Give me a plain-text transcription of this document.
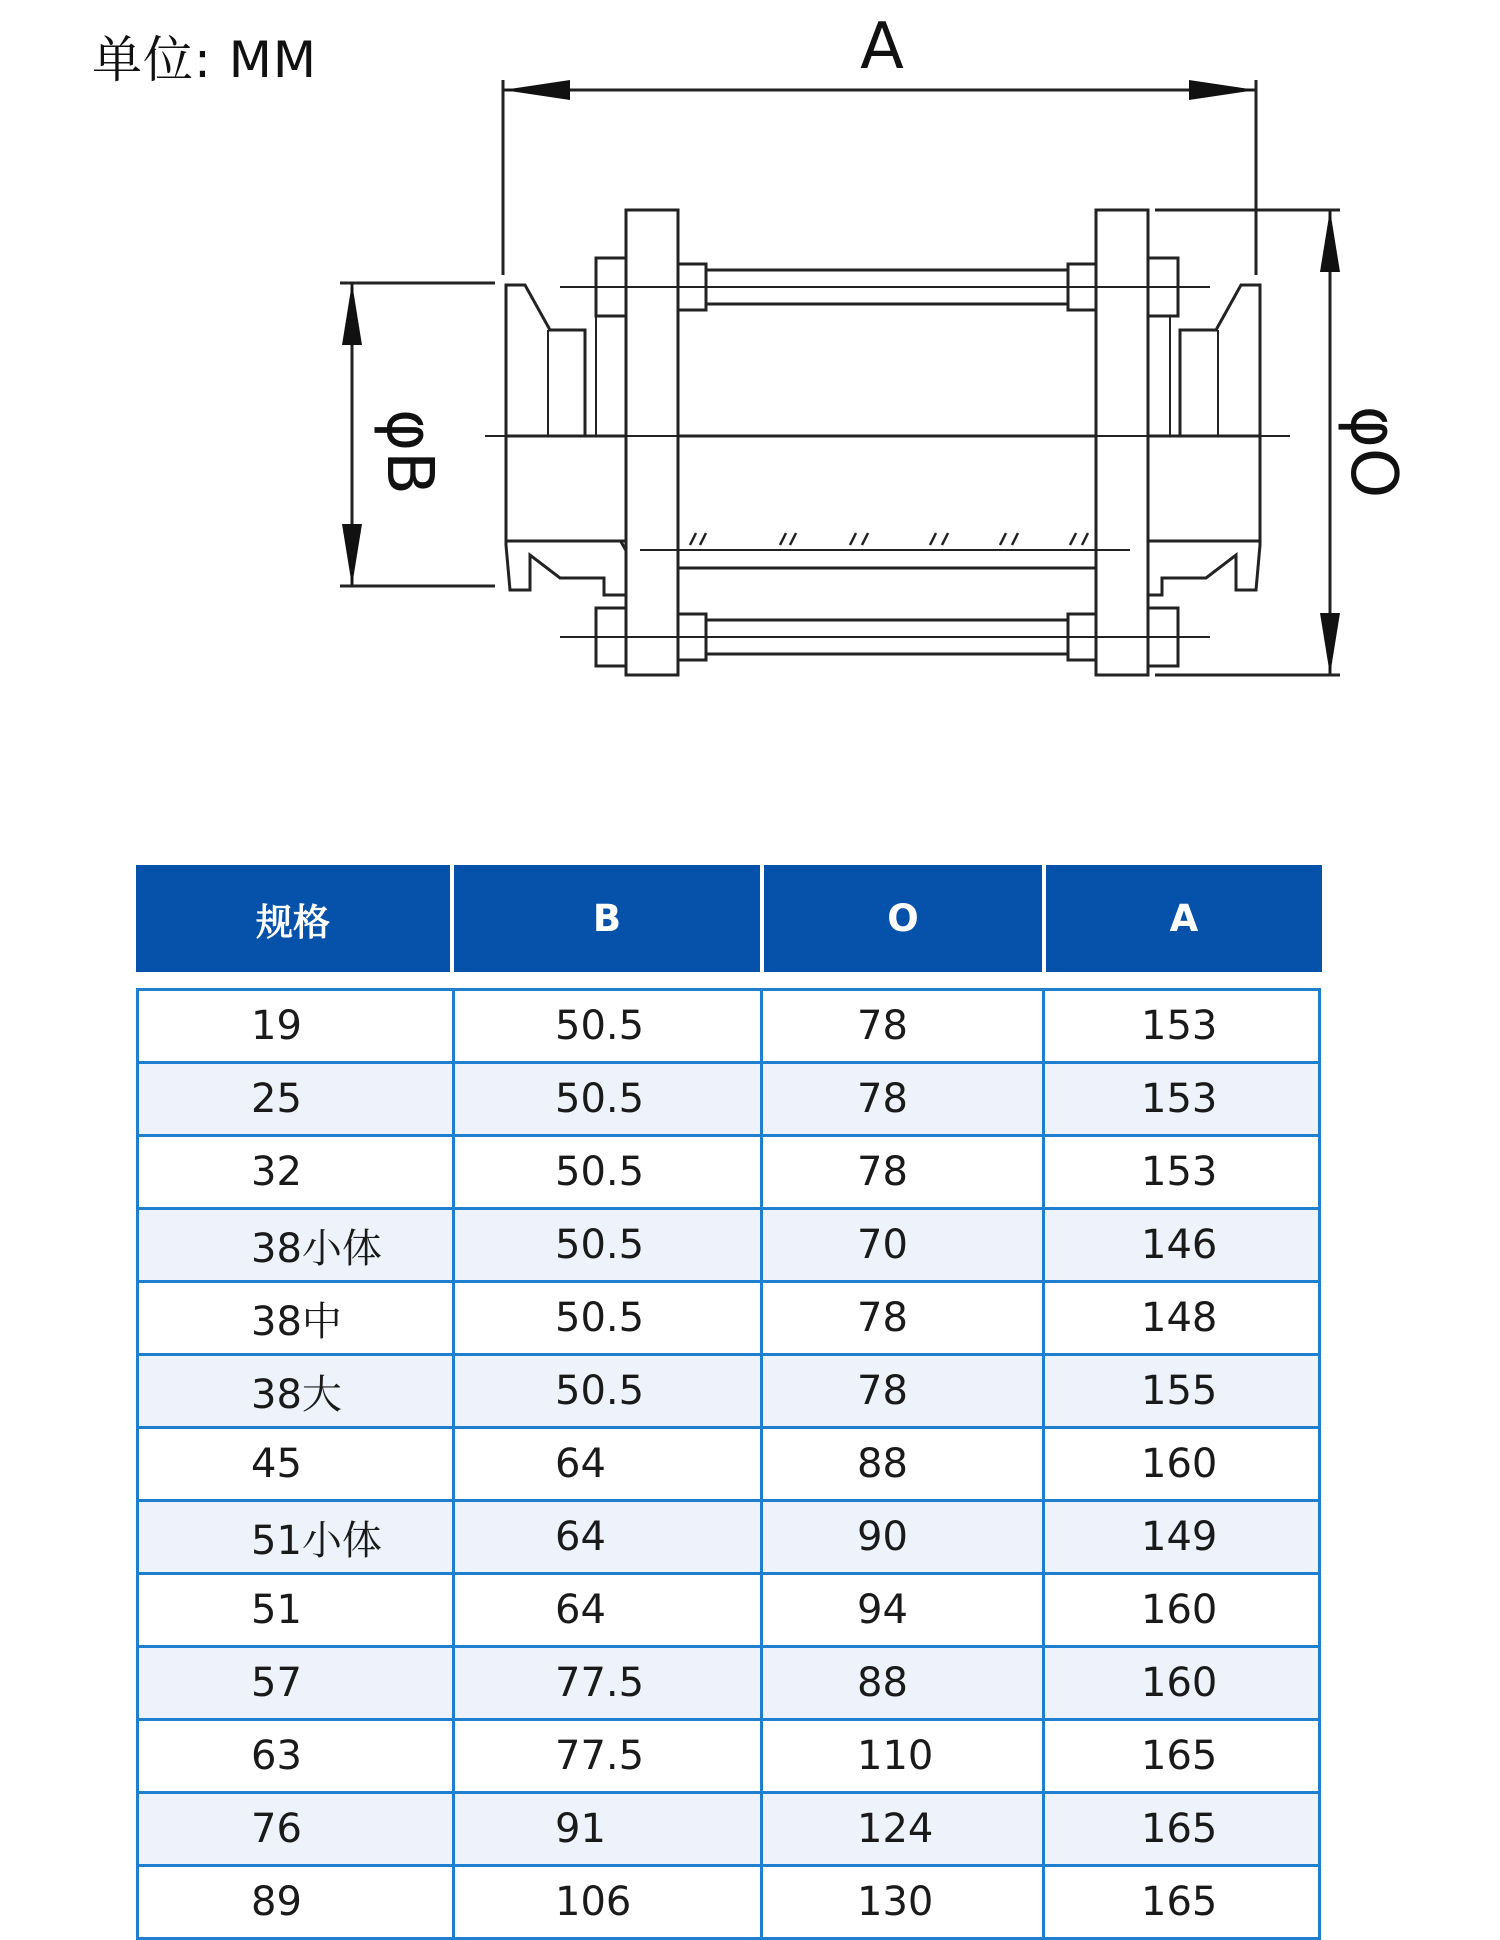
单位: MM	A
φB	φO
规格	B	O	A
19	50.5	78	153
25	50.5	78	153
32	50.5	78	153
38小体	50.5	70	146
38中	50.5	78	148
38大	50.5	78	155
45	64	88	160
51小体	64	90	149
51	64	94	160
57	77.5	88	160
63	77.5	110	165
76	91	124	165
89	106	130	165
